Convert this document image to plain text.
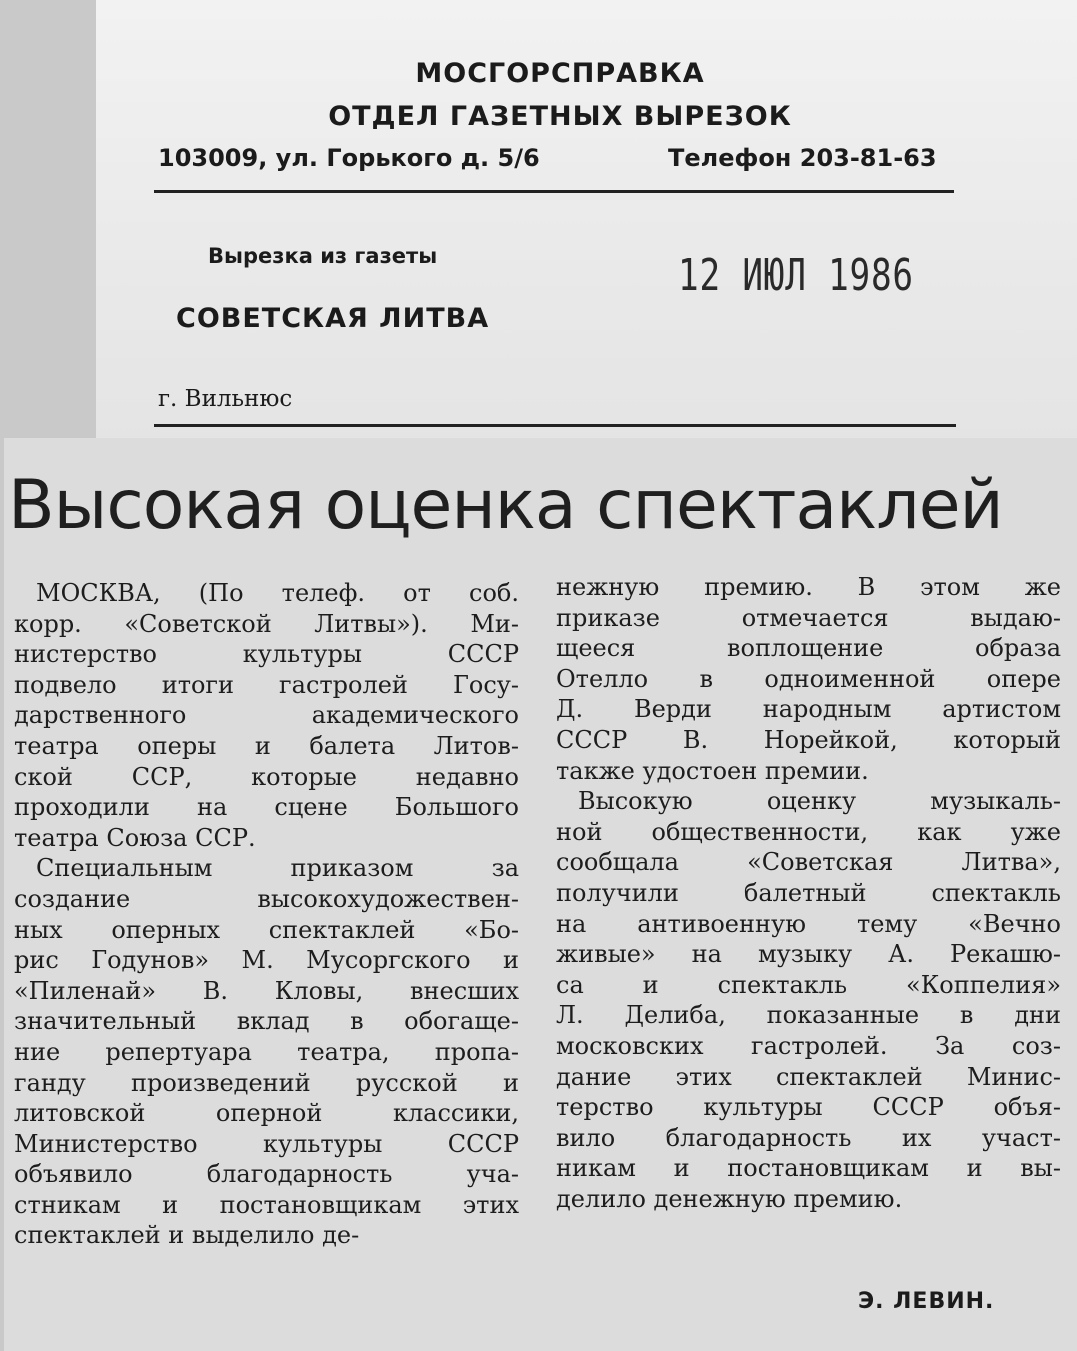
МОСГОРСПРАВКА
ОТДЕЛ ГАЗЕТНЫХ ВЫРЕЗОК
103009, ул. Горького д. 5/6	Телефон 203-81-63
Вырезка из газеты
СОВЕТСКАЯ ЛИТВА
г. Вильнюс
12 ИЮЛ 1986
Высокая оценка спектаклей
МОСКВА, (По телеф. от соб.
корр. «Советской Литвы»). Ми-
нистерство культуры СССР
подвело итоги гастролей Госу-
дарственного академического
театра оперы и балета Литов-
ской ССР, которые недавно
проходили на сцене Большого
театра Союза ССР.
Специальным приказом за
создание высокохудожествен-
ных оперных спектаклей «Бо-
рис Годунов» М. Мусоргского и
«Пиленай» В. Кловы, внесших
значительный вклад в обогаще-
ние репертуара театра, пропа-
ганду произведений русской и
литовской оперной классики,
Министерство культуры СССР
объявило благодарность уча-
стникам и постановщикам этих
спектаклей и выделило де-
нежную премию. В этом же
приказе отмечается выдаю-
щееся воплощение образа
Отелло в одноименной опере
Д. Верди народным артистом
СССР В. Норейкой, который
также удостоен премии.
Высокую оценку музыкаль-
ной общественности, как уже
сообщала «Советская Литва»,
получили балетный спектакль
на антивоенную тему «Вечно
живые» на музыку А. Рекашю-
са и спектакль «Коппелия»
Л. Делиба, показанные в дни
московских гастролей. За соз-
дание этих спектаклей Минис-
терство культуры СССР объя-
вило благодарность их участ-
никам и постановщикам и вы-
делило денежную премию.
Э. ЛЕВИН.
